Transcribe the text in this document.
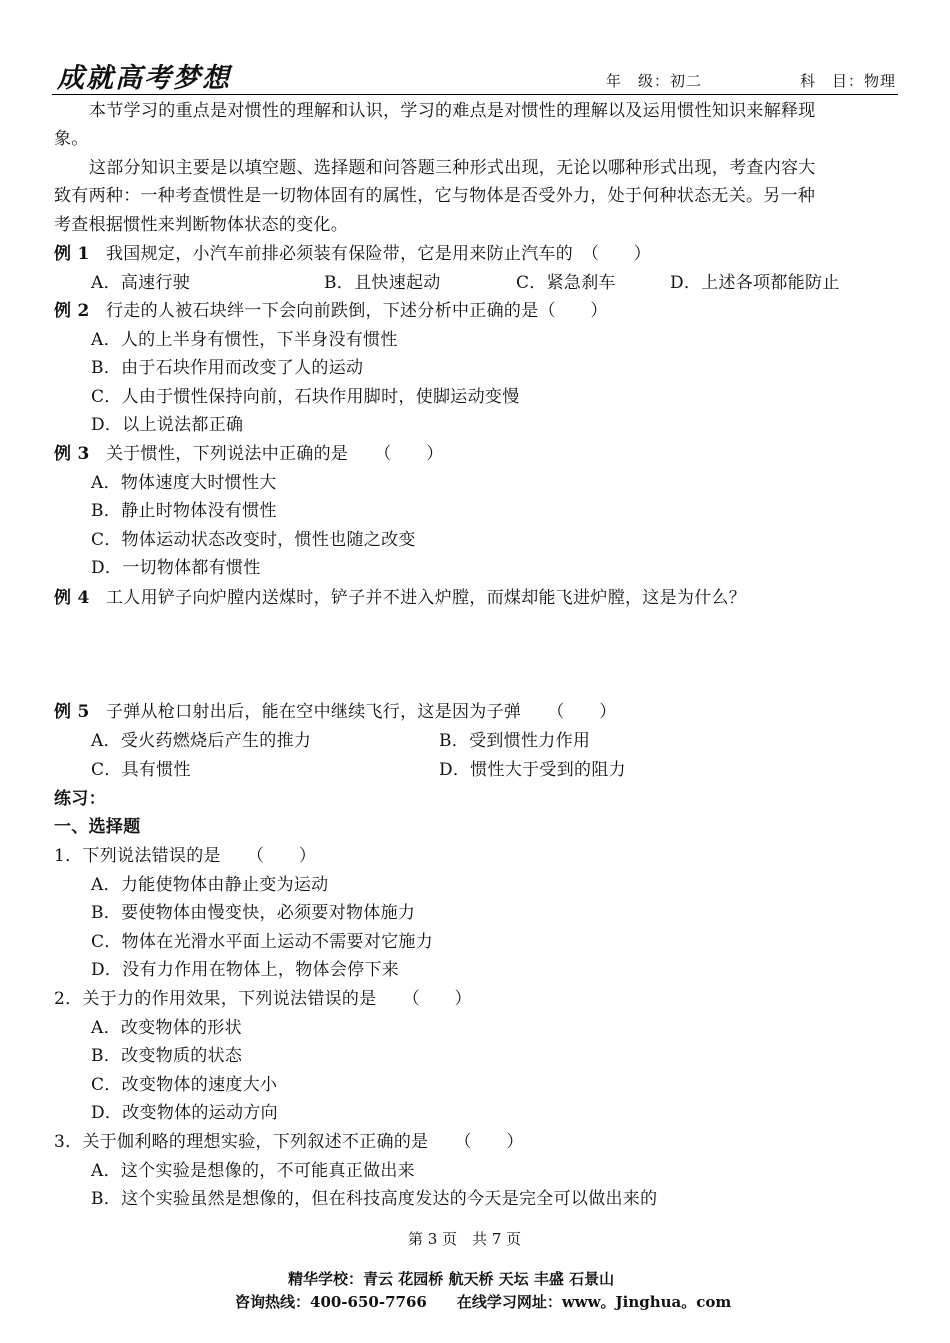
成就高考梦想	年　级：初二	科　目：物理
本节学习的重点是对惯性的理解和认识，学习的难点是对惯性的理解以及运用惯性知识来解释现
象。
这部分知识主要是以填空题、选择题和问答题三种形式出现，无论以哪种形式出现，考查内容大
致有两种：一种考查惯性是一切物体固有的属性，它与物体是否受外力，处于何种状态无关。另一种
考查根据惯性来判断物体状态的变化。
例 1 我国规定，小汽车前排必须装有保险带，它是用来防止汽车的　（　　）
A．高速行驶	B．且快速起动	C．紧急刹车	D．上述各项都能防止
例 2 行走的人被石块绊一下会向前跌倒，下述分析中正确的是（　　）
A．人的上半身有惯性，下半身没有惯性
B．由于石块作用而改变了人的运动
C．人由于惯性保持向前，石块作用脚时，使脚运动变慢
D．以上说法都正确
例 3 关于惯性，下列说法中正确的是　　（　　）
A．物体速度大时惯性大
B．静止时物体没有惯性
C．物体运动状态改变时，惯性也随之改变
D．一切物体都有惯性
例 4 工人用铲子向炉膛内送煤时，铲子并不进入炉膛，而煤却能飞进炉膛，这是为什么？
例 5 子弹从枪口射出后，能在空中继续飞行，这是因为子弹　　（　　）
A．受火药燃烧后产生的推力	B．受到惯性力作用
C．具有惯性	D．惯性大于受到的阻力
练习：
一、选择题
1．下列说法错误的是　　（　　）
A．力能使物体由静止变为运动
B．要使物体由慢变快，必须要对物体施力
C．物体在光滑水平面上运动不需要对它施力
D．没有力作用在物体上，物体会停下来
2．关于力的作用效果，下列说法错误的是　　（　　）
A．改变物体的形状
B．改变物质的状态
C．改变物体的速度大小
D．改变物体的运动方向
3．关于伽利略的理想实验，下列叙述不正确的是　　（　　）
A．这个实验是想像的，不可能真正做出来
B．这个实验虽然是想像的，但在科技高度发达的今天是完全可以做出来的
第 3 页　共 7 页
精华学校：青云 花园桥 航天桥 天坛 丰盛 石景山
咨询热线：400-650-7766　　在线学习网址：www。Jinghua。com
